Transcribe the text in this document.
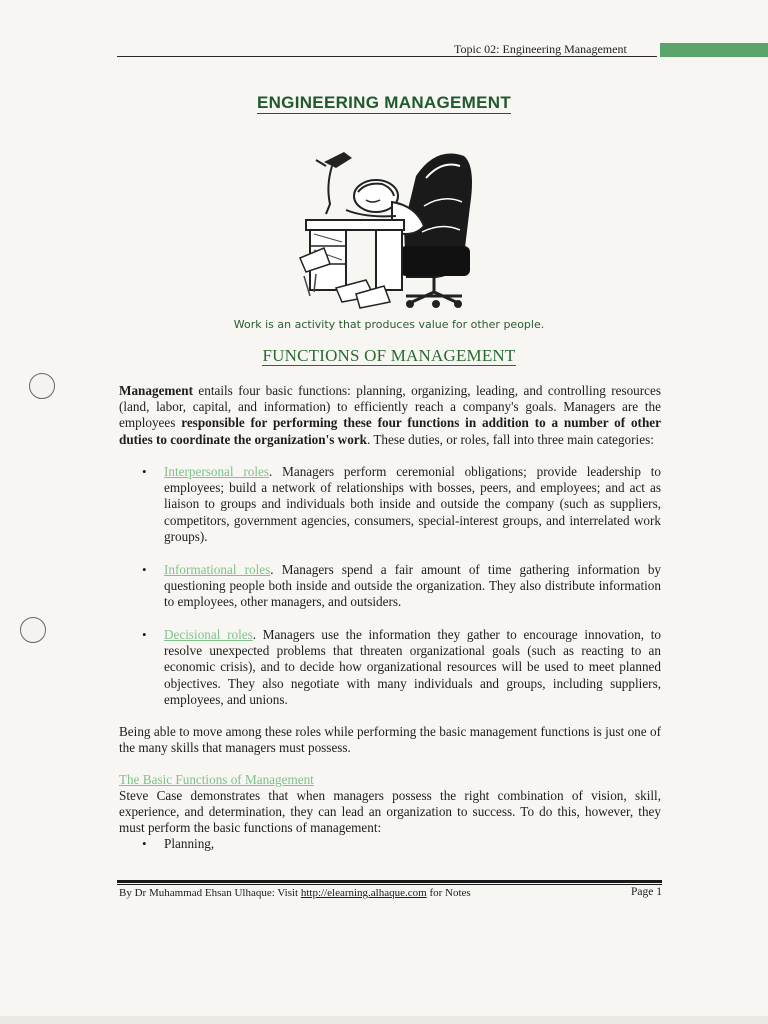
Topic 02: Engineering Management
ENGINEERING MANAGEMENT
Work is an activity that produces value for other people.
FUNCTIONS OF MANAGEMENT
Management entails four basic functions: planning, organizing, leading, and controlling resources (land, labor, capital, and information) to efficiently reach a company's goals. Managers are the employees responsible for performing these four functions in addition to a number of other duties to coordinate the organization's work. These duties, or roles, fall into three main categories:
• Interpersonal roles. Managers perform ceremonial obligations; provide leadership to employees; build a network of relationships with bosses, peers, and employees; and act as liaison to groups and individuals both inside and outside the company (such as suppliers, competitors, government agencies, consumers, special-interest groups, and interrelated work groups).
• Informational roles. Managers spend a fair amount of time gathering information by questioning people both inside and outside the organization. They also distribute information to employees, other managers, and outsiders.
• Decisional roles. Managers use the information they gather to encourage innovation, to resolve unexpected problems that threaten organizational goals (such as reacting to an economic crisis), and to decide how organizational resources will be used to meet planned objectives. They also negotiate with many individuals and groups, including suppliers, employees, and unions.
Being able to move among these roles while performing the basic management functions is just one of the many skills that managers must possess.
The Basic Functions of Management
Steve Case demonstrates that when managers possess the right combination of vision, skill, experience, and determination, they can lead an organization to success. To do this, however, they must perform the basic functions of management:
• Planning,
By Dr Muhammad Ehsan Ulhaque: Visit http://elearning.alhaque.com for Notes	Page 1
